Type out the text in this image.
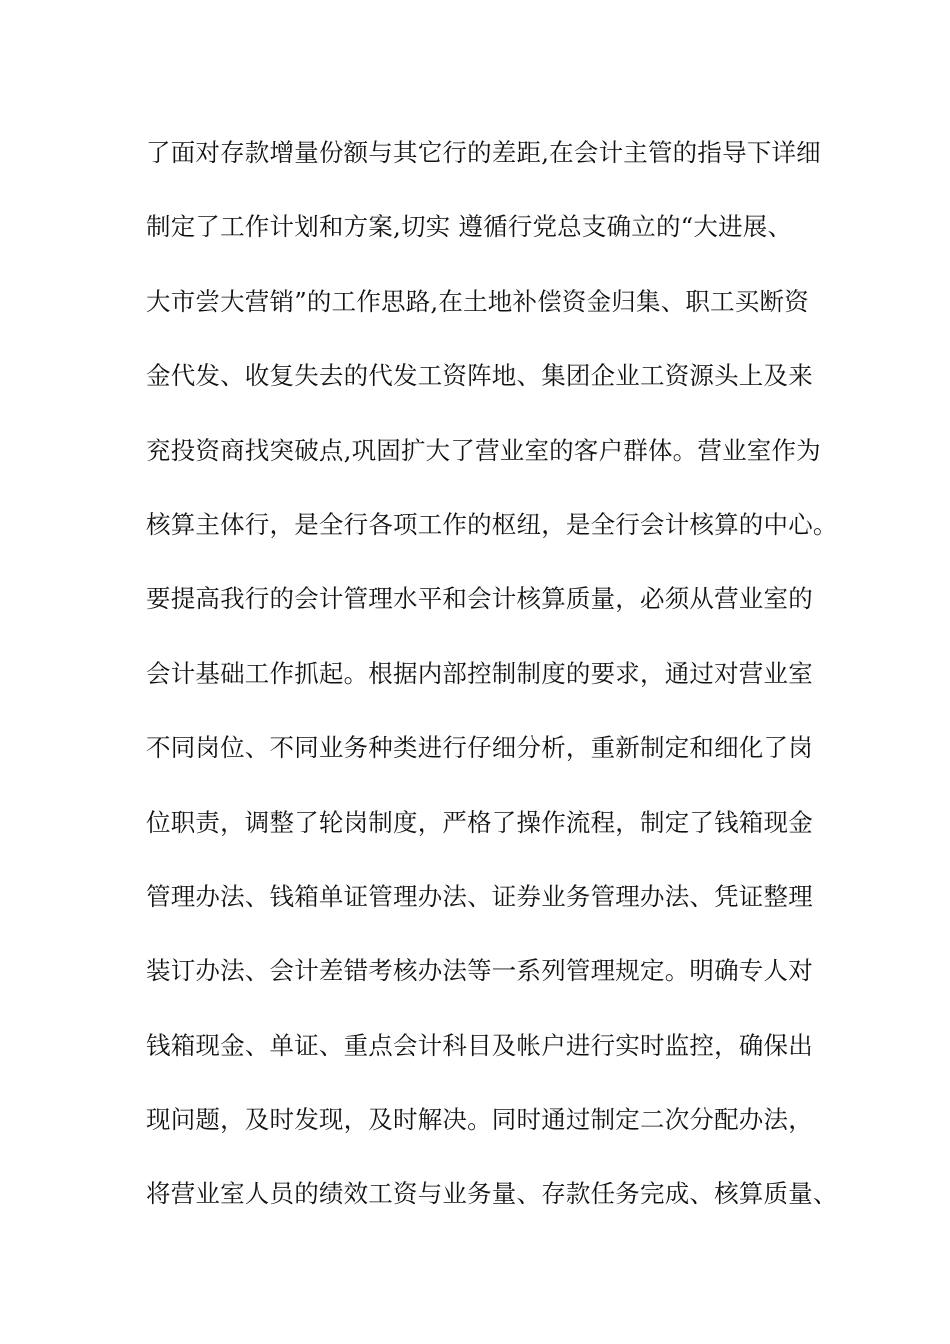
了面对存款增量份额与其它行的差距,在会计主管的指导下详细
制定了工作计划和方案,切实 遵循行党总支确立的“大进展、
大市尝大营销”的工作思路,在土地补偿资金归集、职工买断资
金代发、收复失去的代发工资阵地、集团企业工资源头上及来
兖投资商找突破点,巩固扩大了营业室的客户群体。营业室作为
核算主体行，是全行各项工作的枢纽，是全行会计核算的中心。
要提高我行的会计管理水平和会计核算质量，必须从营业室的
会计基础工作抓起。根据内部控制制度的要求，通过对营业室
不同岗位、不同业务种类进行仔细分析，重新制定和细化了岗
位职责，调整了轮岗制度，严格了操作流程，制定了钱箱现金
管理办法、钱箱单证管理办法、证券业务管理办法、凭证整理
装订办法、会计差错考核办法等一系列管理规定。明确专人对
钱箱现金、单证、重点会计科目及帐户进行实时监控，确保出
现问题，及时发现，及时解决。同时通过制定二次分配办法，
将营业室人员的绩效工资与业务量、存款任务完成、核算质量、
